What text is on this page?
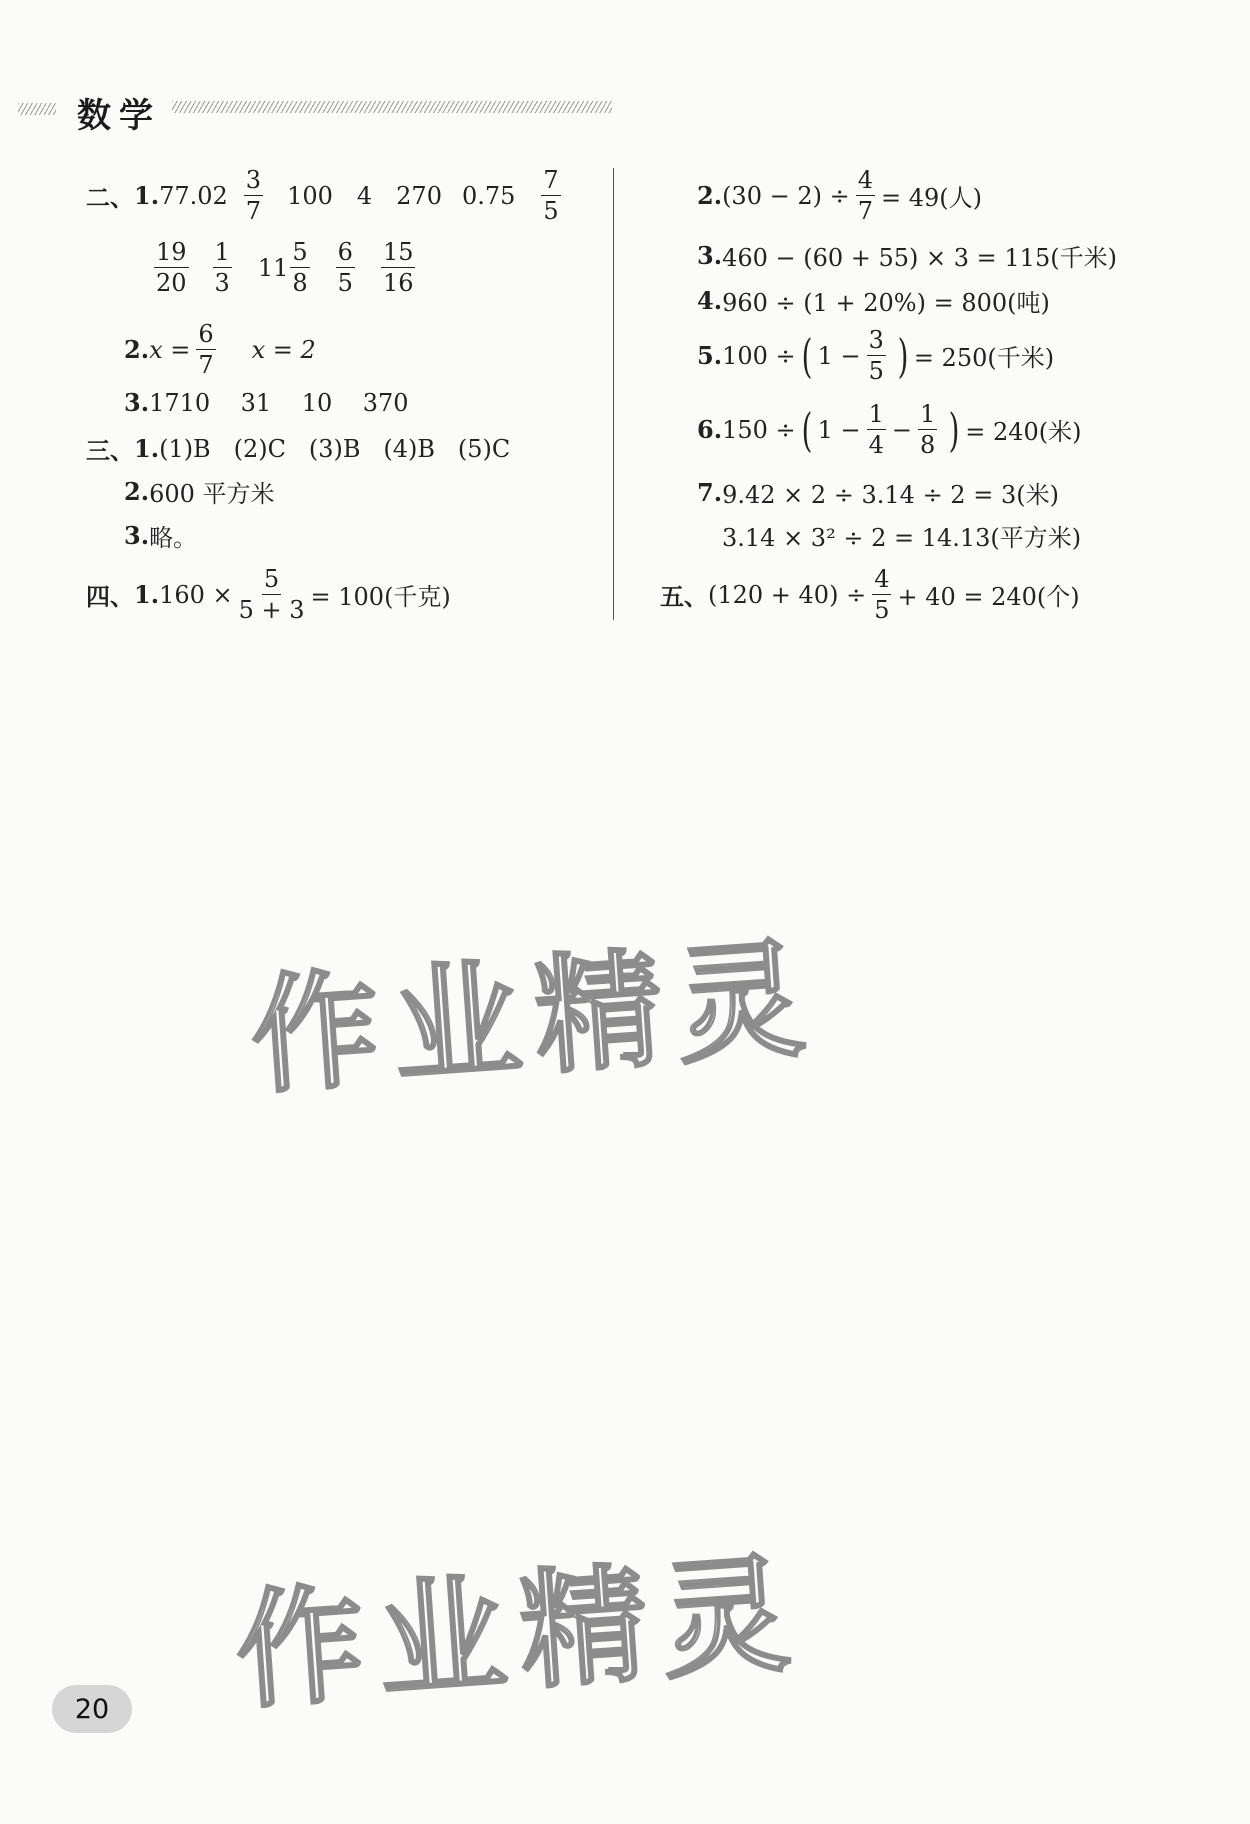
数学
二、 1. $77.02 \frac{3}{7} 100$ 4 270 $0.75 \frac{7}{5}$
$\frac{19}{20} \frac{1}{3} 11 \frac{5}{8} \frac{6}{5} \frac{15}{16}$
2. $x = \frac{6}{7}$ x = 2
3. 1710    31    10    370
三、 1. (1)B   (2)C   (3)B   (4)B   (5)C
2. 600 平方米
3. 略。
四、 1. $160 \times \frac{5}{5 + 3} = 100$(千克)
2. $(30 - 2) \div \frac{4}{7} = 49$(人)
3. 460 − (60 + 55) × 3 = 115(千米)
4. 960 ÷ (1 + 20%) = 800(吨)
5. 100 ÷ ( $1 - \frac{3}{5}$ ) = 250(千米)
6. 150 ÷ ( $1 - \frac{1}{4} - \frac{1}{8}$ ) = 240(米)
7. 9.42 × 2 ÷ 3.14 ÷ 2 = 3(米)
3.14 × 3² ÷ 2 = 14.13(平方米)
五、 $(120 + 40) \div \frac{4}{5} + 40 = 240$(个)
作业精灵
作业精灵
20
